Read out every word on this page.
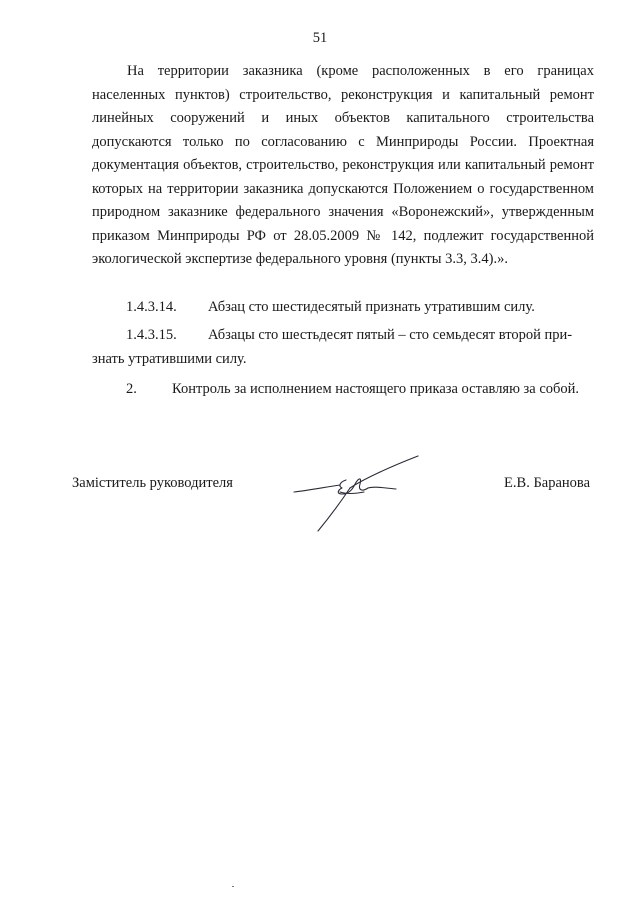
51
На территории заказника (кроме расположенных в его границах населенных пунктов) строительство, реконструкция и капитальный ремонт линейных сооружений и иных объектов капитального строительства допускаются только по согласованию с Минприроды России. Проектная документация объектов, строительство, реконструкция или капитальный ремонт которых на территории заказника допускаются Положением о государственном природном заказнике федерального значения «Воронежский», утвержденным приказом Минприроды РФ от 28.05.2009 № 142, подлежит государственной экологической экспертизе федерального уровня (пункты 3.3, 3.4).».
1.4.3.14. Абзац сто шестидесятый признать утратившим силу.
1.4.3.15. Абзацы сто шестьдесят пятый – сто семьдесят второй при-
знать утратившими силу.
2. Контроль за исполнением настоящего приказа оставляю за собой.
Заміститель руководителя	Е.В. Баранова
